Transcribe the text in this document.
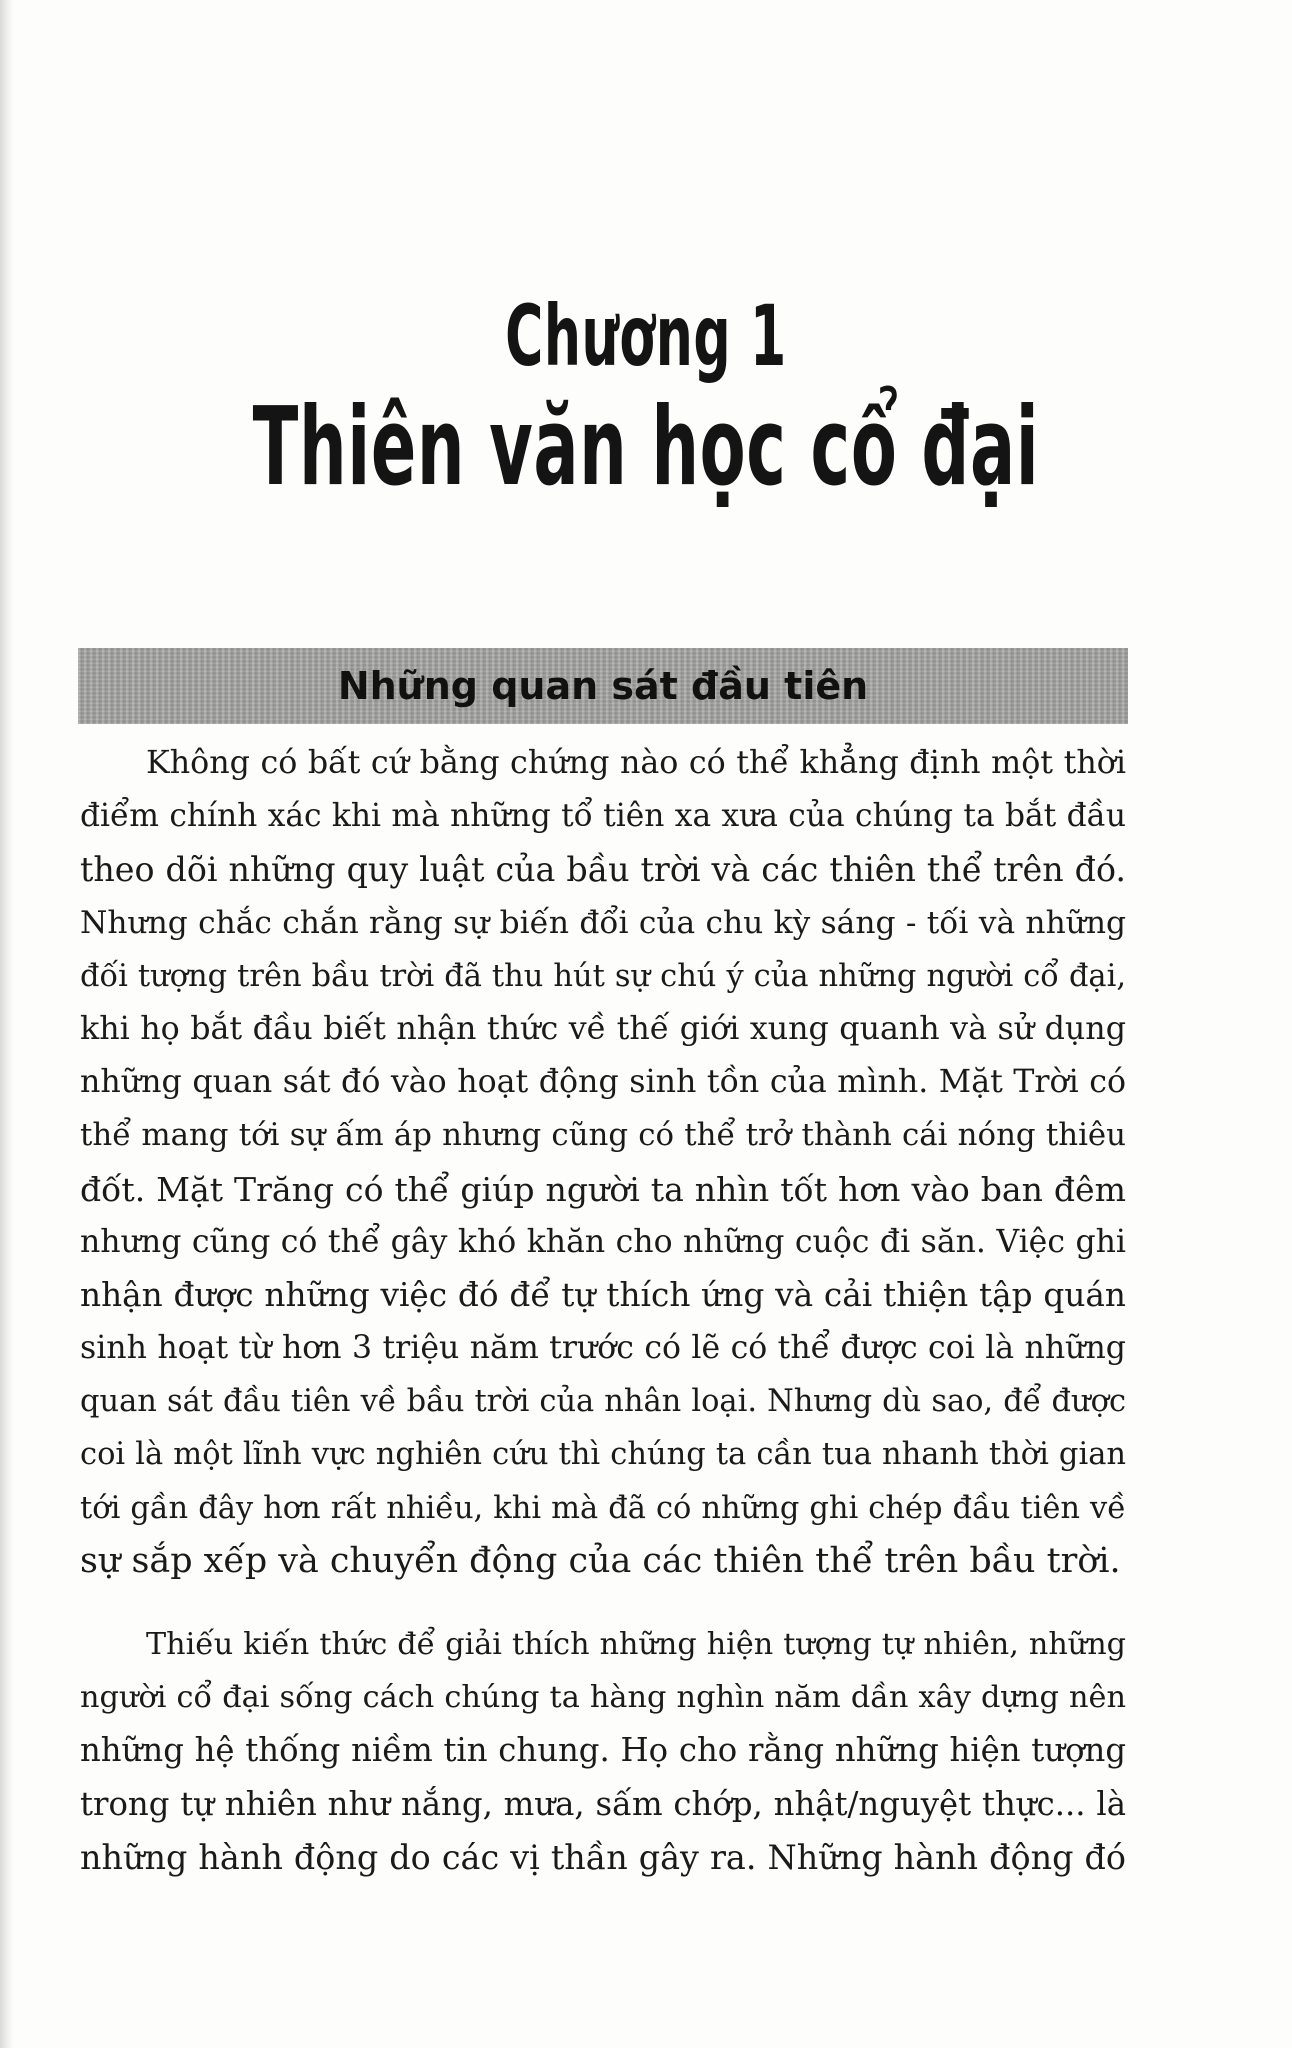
Chương 1
Thiên văn học cổ đại
Những quan sát đầu tiên
Không có bất cứ bằng chứng nào có thể khẳng định một thời
điểm chính xác khi mà những tổ tiên xa xưa của chúng ta bắt đầu
theo dõi những quy luật của bầu trời và các thiên thể trên đó.
Nhưng chắc chắn rằng sự biến đổi của chu kỳ sáng - tối và những
đối tượng trên bầu trời đã thu hút sự chú ý của những người cổ đại,
khi họ bắt đầu biết nhận thức về thế giới xung quanh và sử dụng
những quan sát đó vào hoạt động sinh tồn của mình. Mặt Trời có
thể mang tới sự ấm áp nhưng cũng có thể trở thành cái nóng thiêu
đốt. Mặt Trăng có thể giúp người ta nhìn tốt hơn vào ban đêm
nhưng cũng có thể gây khó khăn cho những cuộc đi săn. Việc ghi
nhận được những việc đó để tự thích ứng và cải thiện tập quán
sinh hoạt từ hơn 3 triệu năm trước có lẽ có thể được coi là những
quan sát đầu tiên về bầu trời của nhân loại. Nhưng dù sao, để được
coi là một lĩnh vực nghiên cứu thì chúng ta cần tua nhanh thời gian
tới gần đây hơn rất nhiều, khi mà đã có những ghi chép đầu tiên về
sự sắp xếp và chuyển động của các thiên thể trên bầu trời.
Thiếu kiến thức để giải thích những hiện tượng tự nhiên, những
người cổ đại sống cách chúng ta hàng nghìn năm dần xây dựng nên
những hệ thống niềm tin chung. Họ cho rằng những hiện tượng
trong tự nhiên như nắng, mưa, sấm chớp, nhật/nguyệt thực... là
những hành động do các vị thần gây ra. Những hành động đó
